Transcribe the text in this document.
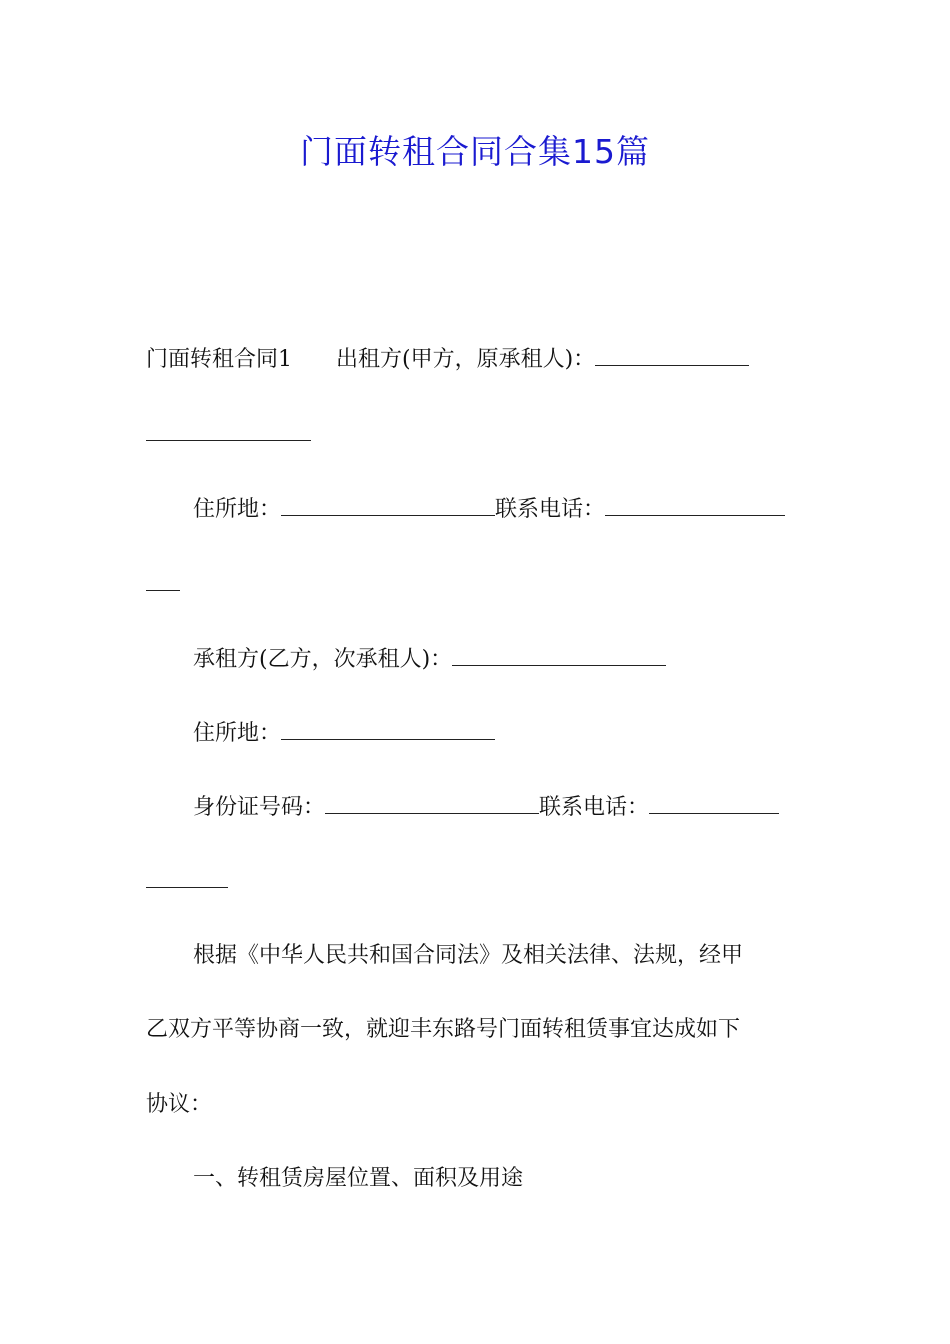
门面转租合同合集15篇
门面转租合同1 出租方(甲方，原承租人)：
住所地：	联系电话：
承租方(乙方，次承租人)：
住所地：
身份证号码：	联系电话：
根据《中华人民共和国合同法》及相关法律、法规，经甲
乙双方平等协商一致，就迎丰东路号门面转租赁事宜达成如下
协议：
一、转租赁房屋位置、面积及用途
